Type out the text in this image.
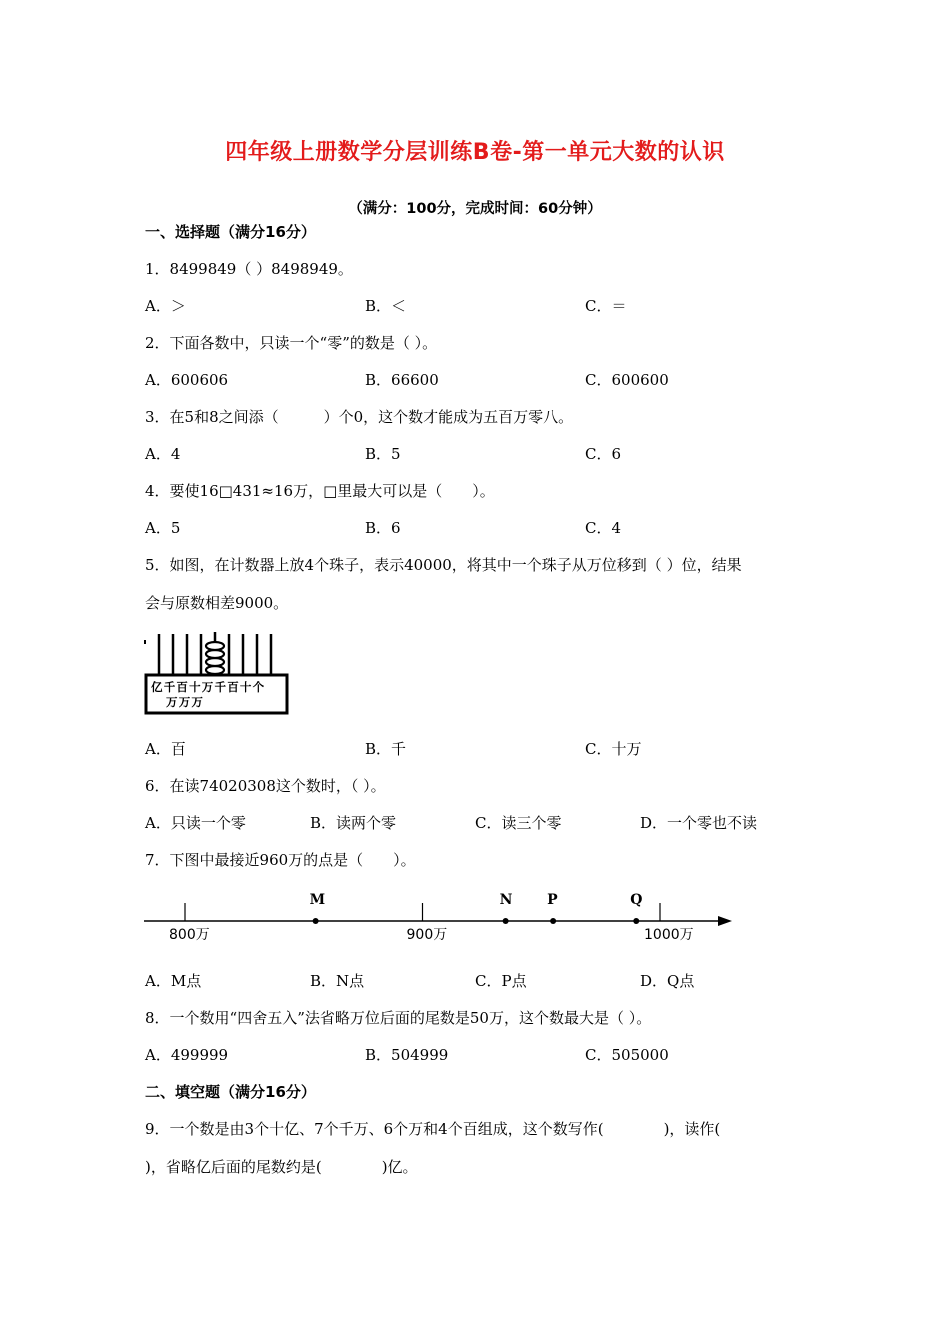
四年级上册数学分层训练B卷-第一单元大数的认识
（满分：100分，完成时间：60分钟）
一、选择题（满分16分）
1．8499849（ ）8498949。
A．＞	B．＜	C．＝
2．下面各数中，只读一个“零”的数是（ ）。
A．600606	B．66600	C．600600
3．在5和8之间添（　　　）个0，这个数才能成为五百万零八。
A．4	B．5	C．6
4．要使16□431≈16万，□里最大可以是（　　）。
A．5	B．6	C．4
5．如图，在计数器上放4个珠子，表示40000，将其中一个珠子从万位移到（ ）位，结果
会与原数相差9000。
亿千百十万千百十个
万万万
A．百	B．千	C．十万
6．在读74020308这个数时，（ ）。
A．只读一个零	B．读两个零	C．读三个零	D．一个零也不读
7．下图中最接近960万的点是（　　）。
800万	900万	1000万
M	N P	Q
A．M点	B．N点	C．P点	D．Q点
8．一个数用“四舍五入”法省略万位后面的尾数是50万，这个数最大是（ ）。
A．499999	B．504999	C．505000
二、填空题（满分16分）
9．一个数是由3个十亿、7个千万、6个万和4个百组成，这个数写作(　　　　)，读作(
)，省略亿后面的尾数约是(　　　　)亿。
